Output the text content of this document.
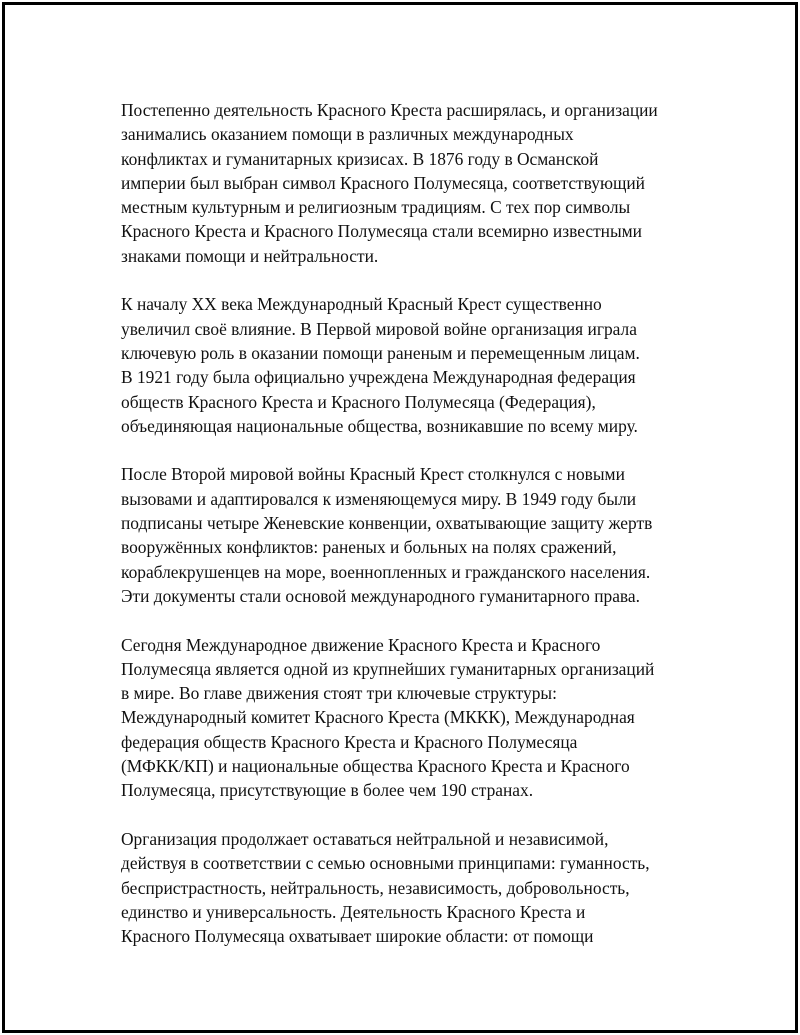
Постепенно деятельность Красного Креста расширялась, и организации
занимались оказанием помощи в различных международных
конфликтах и гуманитарных кризисах. В 1876 году в Османской
империи был выбран символ Красного Полумесяца, соответствующий
местным культурным и религиозным традициям. С тех пор символы
Красного Креста и Красного Полумесяца стали всемирно известными
знаками помощи и нейтральности.

К началу XX века Международный Красный Крест существенно
увеличил своё влияние. В Первой мировой войне организация играла
ключевую роль в оказании помощи раненым и перемещенным лицам.
В 1921 году была официально учреждена Международная федерация
обществ Красного Креста и Красного Полумесяца (Федерация),
объединяющая национальные общества, возникавшие по всему миру.

После Второй мировой войны Красный Крест столкнулся с новыми
вызовами и адаптировался к изменяющемуся миру. В 1949 году были
подписаны четыре Женевские конвенции, охватывающие защиту жертв
вооружённых конфликтов: раненых и больных на полях сражений,
кораблекрушенцев на море, военнопленных и гражданского населения.
Эти документы стали основой международного гуманитарного права.

Сегодня Международное движение Красного Креста и Красного
Полумесяца является одной из крупнейших гуманитарных организаций
в мире. Во главе движения стоят три ключевые структуры:
Международный комитет Красного Креста (МККК), Международная
федерация обществ Красного Креста и Красного Полумесяца
(МФКК/КП) и национальные общества Красного Креста и Красного
Полумесяца, присутствующие в более чем 190 странах.

Организация продолжает оставаться нейтральной и независимой,
действуя в соответствии с семью основными принципами: гуманность,
беспристрастность, нейтральность, независимость, добровольность,
единство и универсальность. Деятельность Красного Креста и
Красного Полумесяца охватывает широкие области: от помощи
